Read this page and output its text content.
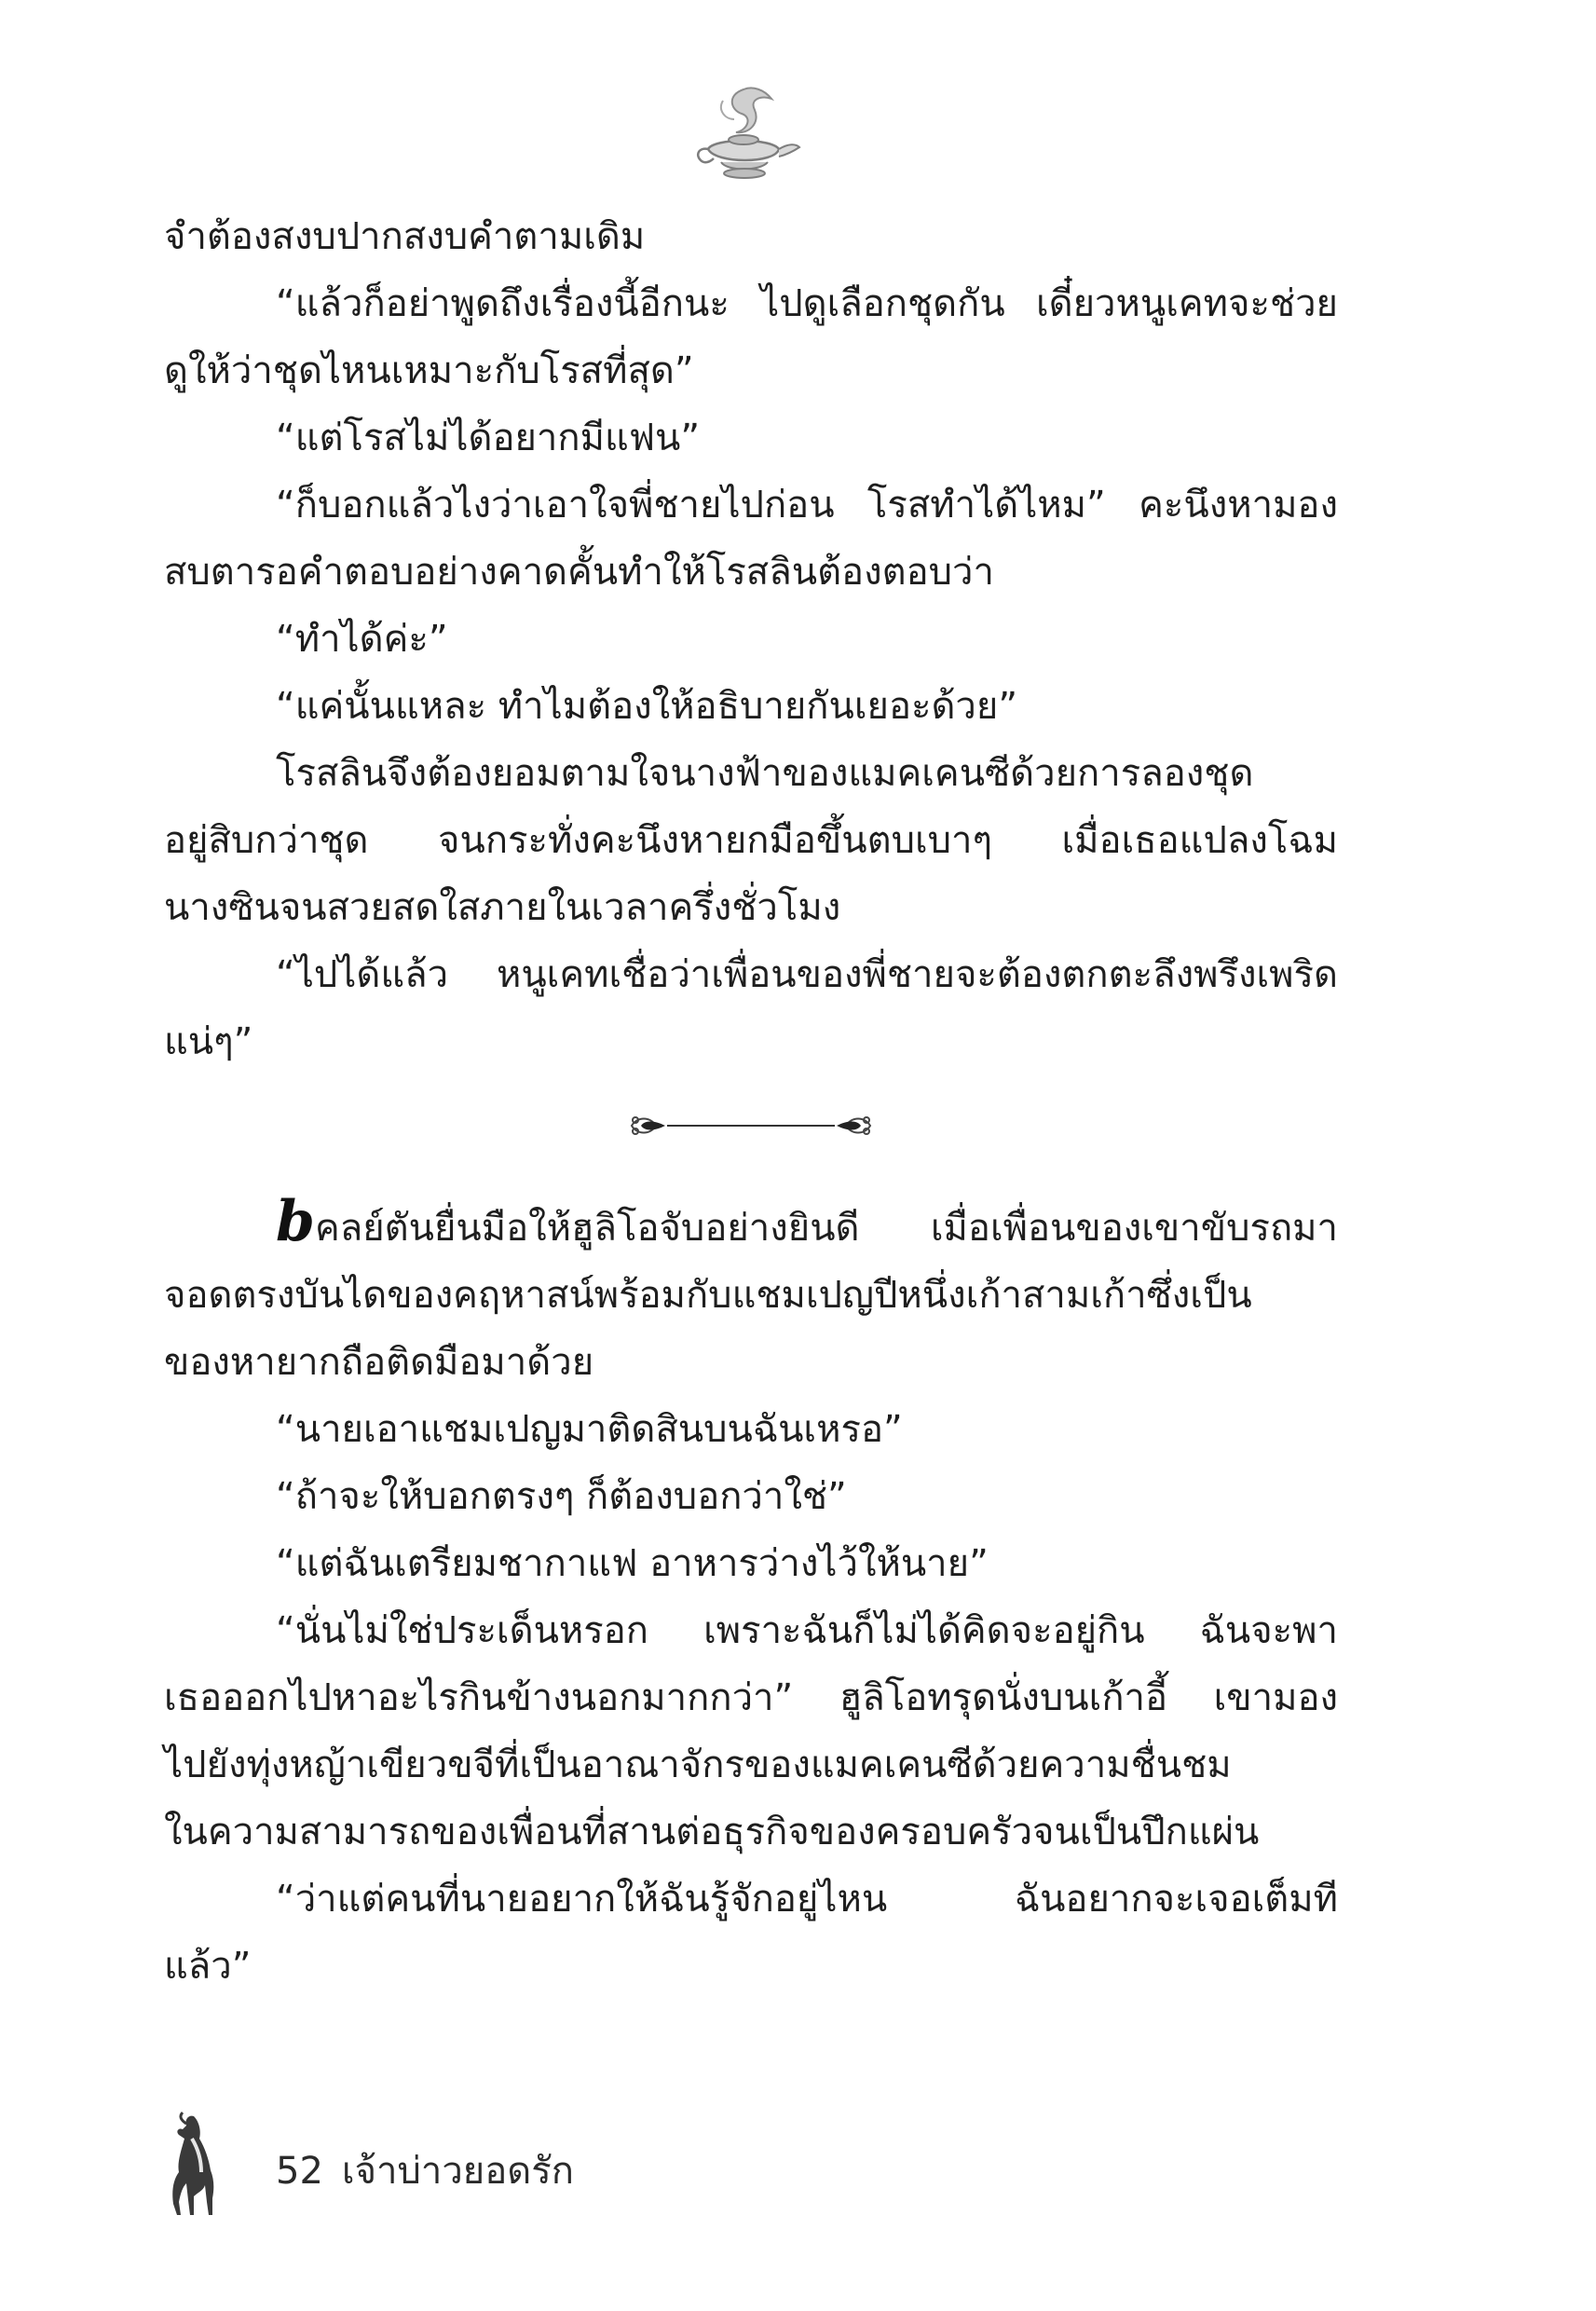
จำต้องสงบปากสงบคำตามเดิม
“แล้วก็อย่าพูดถึงเรื่องนี้อีกนะ ไปดูเลือกชุดกัน เดี๋ยวหนูเคทจะช่วย
ดูให้ว่าชุดไหนเหมาะกับโรสที่สุด”
“แต่โรสไม่ได้อยากมีแฟน”
“ก็บอกแล้วไงว่าเอาใจพี่ชายไปก่อน โรสทำได้ไหม” คะนึงหามอง
สบตารอคำตอบอย่างคาดคั้นทำให้โรสลินต้องตอบว่า
“ทำได้ค่ะ”
“แค่นั้นแหละ ทำไมต้องให้อธิบายกันเยอะด้วย”
โรสลินจึงต้องยอมตามใจนางฟ้าของแมคเคนซีด้วยการลองชุด
อยู่สิบกว่าชุด จนกระทั่งคะนึงหายกมือขึ้นตบเบาๆ เมื่อเธอแปลงโฉม
นางซินจนสวยสดใสภายในเวลาครึ่งชั่วโมง
“ไปได้แล้ว หนูเคทเชื่อว่าเพื่อนของพี่ชายจะต้องตกตะลึงพรึงเพริด
แน่ๆ”
bคลย์ตันยื่นมือให้ฮูลิโอจับอย่างยินดี เมื่อเพื่อนของเขาขับรถมา
จอดตรงบันไดของคฤหาสน์พร้อมกับแชมเปญปีหนึ่งเก้าสามเก้าซึ่งเป็น
ของหายากถือติดมือมาด้วย
“นายเอาแชมเปญมาติดสินบนฉันเหรอ”
“ถ้าจะให้บอกตรงๆ ก็ต้องบอกว่าใช่”
“แต่ฉันเตรียมชากาแฟ อาหารว่างไว้ให้นาย”
“นั่นไม่ใช่ประเด็นหรอก เพราะฉันก็ไม่ได้คิดจะอยู่กิน ฉันจะพา
เธอออกไปหาอะไรกินข้างนอกมากกว่า” ฮูลิโอทรุดนั่งบนเก้าอี้ เขามอง
ไปยังทุ่งหญ้าเขียวขจีที่เป็นอาณาจักรของแมคเคนซีด้วยความชื่นชม
ในความสามารถของเพื่อนที่สานต่อธุรกิจของครอบครัวจนเป็นปึกแผ่น
“ว่าแต่คนที่นายอยากให้ฉันรู้จักอยู่ไหน ฉันอยากจะเจอเต็มที
แล้ว”
52 เจ้าบ่าวยอดรัก
